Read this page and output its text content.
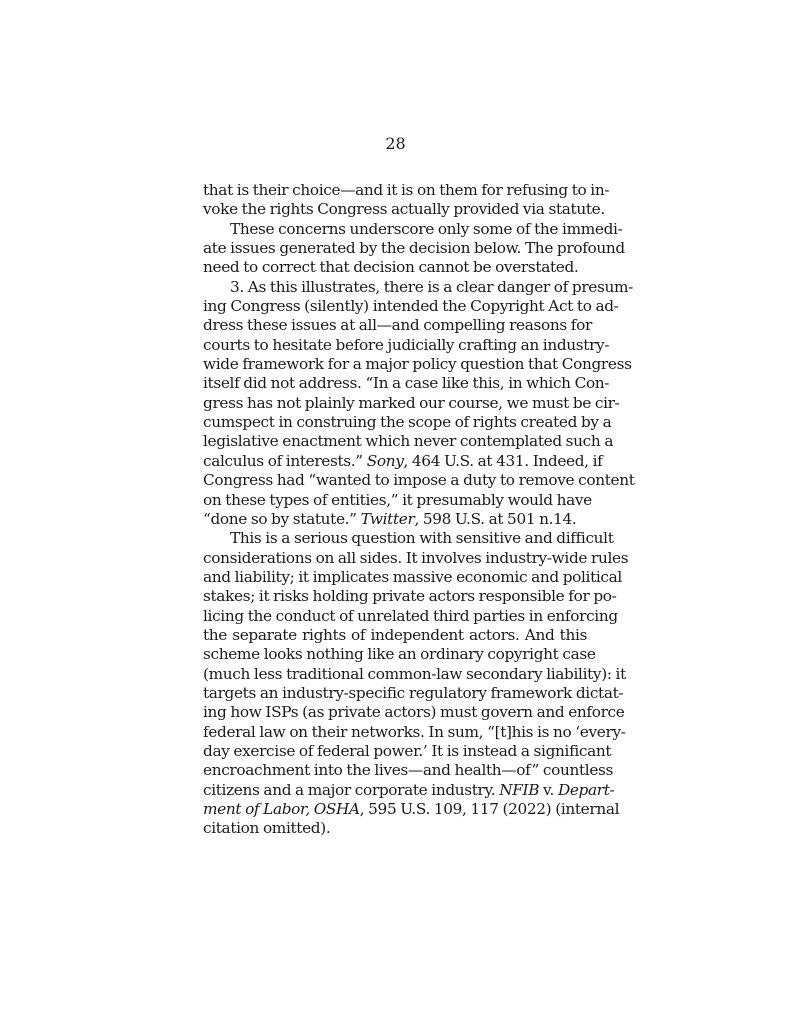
28

that is their choice—and it is on them for refusing to in-
voke the rights Congress actually provided via statute.

These concerns underscore only some of the immedi-
ate issues generated by the decision below. The profound
need to correct that decision cannot be overstated.

3. As this illustrates, there is a clear danger of presum-
ing Congress (silently) intended the Copyright Act to ad-
dress these issues at all—and compelling reasons for
courts to hesitate before judicially crafting an industry-
wide framework for a major policy question that Congress
itself did not address. “In a case like this, in which Con-
gress has not plainly marked our course, we must be cir-
cumspect in construing the scope of rights created by a
legislative enactment which never contemplated such a
calculus of interests.” Sony, 464 U.S. at 431. Indeed, if
Congress had “wanted to impose a duty to remove content
on these types of entities,” it presumably would have
“done so by statute.” Twitter, 598 U.S. at 501 n.14.

This is a serious question with sensitive and difficult
considerations on all sides. It involves industry-wide rules
and liability; it implicates massive economic and political
stakes; it risks holding private actors responsible for po-
licing the conduct of unrelated third parties in enforcing
the separate rights of independent actors. And this
scheme looks nothing like an ordinary copyright case
(much less traditional common-law secondary liability): it
targets an industry-specific regulatory framework dictat-
ing how ISPs (as private actors) must govern and enforce
federal law on their networks. In sum, “[t]his is no ‘every-
day exercise of federal power.’ It is instead a significant
encroachment into the lives—and health—of” countless
citizens and a major corporate industry. NFIB v. Depart-
ment of Labor, OSHA, 595 U.S. 109, 117 (2022) (internal
citation omitted).
